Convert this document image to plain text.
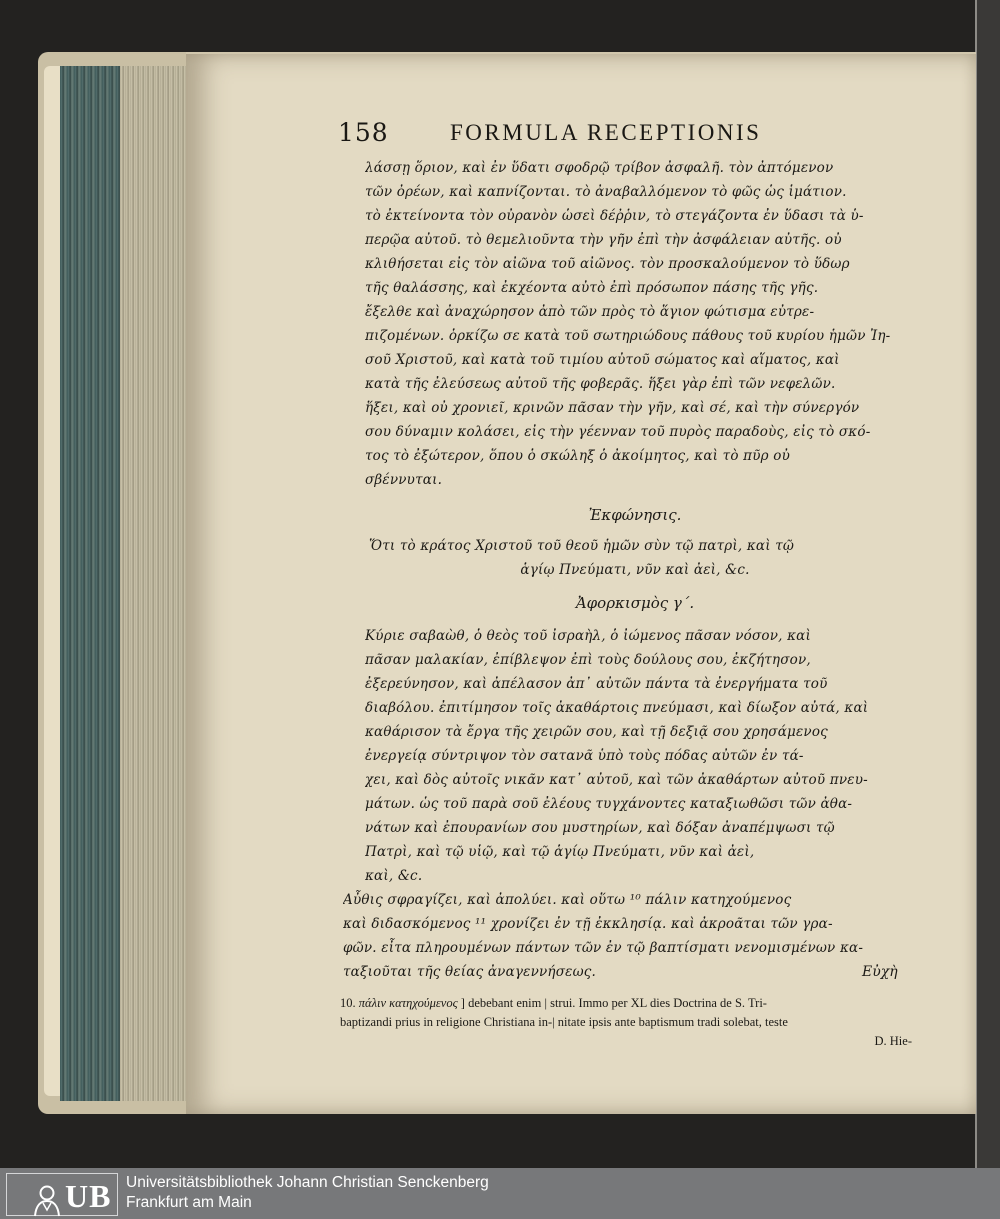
158	FORMULA RECEPTIONIS
λάσσῃ ὅριον, καὶ ἐν ὕδατι σφοδρῷ τρίβον ἀσφαλῆ. τὸν ἀπτόμενον
τῶν ὀρέων, καὶ καπνίζονται. τὸ ἀναβαλλόμενον τὸ φῶς ὡς ἱμάτιον.
τὸ ἐκτείνοντα τὸν οὐρανὸν ὡσεὶ δέῤῥιν, τὸ στεγάζοντα ἐν ὕδασι τὰ ὑ-
περῷα αὐτοῦ. τὸ θεμελιοῦντα τὴν γῆν ἐπὶ τὴν ἀσφάλειαν αὐτῆς. οὐ
κλιθήσεται εἰς τὸν αἰῶνα τοῦ αἰῶνος. τὸν προσκαλούμενον τὸ ὕδωρ
τῆς θαλάσσης, καὶ ἐκχέοντα αὐτὸ ἐπὶ πρόσωπον πάσης τῆς γῆς.
ἔξελθε καὶ ἀναχώρησον ἀπὸ τῶν πρὸς τὸ ἅγιον φώτισμα εὐτρε-
πιζομένων. ὁρκίζω σε κατὰ τοῦ σωτηριώδους πάθους τοῦ κυρίου ἡμῶν Ἰη-
σοῦ Χριστοῦ, καὶ κατὰ τοῦ τιμίου αὐτοῦ σώματος καὶ αἵματος, καὶ
κατὰ τῆς ἐλεύσεως αὐτοῦ τῆς φοβερᾶς. ἥξει γὰρ ἐπὶ τῶν νεφελῶν.
ἥξει, καὶ οὐ χρονιεῖ, κρινῶν πᾶσαν τὴν γῆν, καὶ σέ, καὶ τὴν σύνεργόν
σου δύναμιν κολάσει, εἰς τὴν γέενναν τοῦ πυρὸς παραδοὺς, εἰς τὸ σκό-
τος τὸ ἐξώτερον, ὅπου ὁ σκώληξ ὁ ἀκοίμητος, καὶ τὸ πῦρ οὐ
σβέννυται.
Ἐκφώνησις.
Ὅτι τὸ κράτος Χριστοῦ τοῦ θεοῦ ἡμῶν σὺν τῷ πατρὶ, καὶ τῷ
ἁγίῳ Πνεύματι, νῦν καὶ ἀεὶ, &c.
Ἀφορκισμὸς γ΄.
Κύριε σαβαὼθ, ὁ θεὸς τοῦ ἰσραὴλ, ὁ ἰώμενος πᾶσαν νόσον, καὶ
πᾶσαν μαλακίαν, ἐπίβλεψον ἐπὶ τοὺς δούλους σου, ἐκζήτησον,
ἐξερεύνησον, καὶ ἀπέλασον ἀπ᾽ αὐτῶν πάντα τὰ ἐνεργήματα τοῦ
διαβόλου. ἐπιτίμησον τοῖς ἀκαθάρτοις πνεύμασι, καὶ δίωξον αὐτά, καὶ
καθάρισον τὰ ἔργα τῆς χειρῶν σου, καὶ τῇ δεξιᾷ σου χρησάμενος
ἐνεργείᾳ σύντριψον τὸν σατανᾶ ὑπὸ τοὺς πόδας αὐτῶν ἐν τά-
χει, καὶ δὸς αὐτοῖς νικᾶν κατ᾽ αὐτοῦ, καὶ τῶν ἀκαθάρτων αὐτοῦ πνευ-
μάτων. ὡς τοῦ παρὰ σοῦ ἐλέους τυγχάνοντες καταξιωθῶσι τῶν ἀθα-
νάτων καὶ ἐπουρανίων σου μυστηρίων, καὶ δόξαν ἀναπέμψωσι τῷ
Πατρὶ, καὶ τῷ υἱῷ, καὶ τῷ ἁγίῳ Πνεύματι, νῦν καὶ ἀεὶ,
καὶ, &c.
Αὖθις σφραγίζει, καὶ ἀπολύει. καὶ οὕτω ¹⁰ πάλιν κατηχούμενος
καὶ διδασκόμενος ¹¹ χρονίζει ἐν τῇ ἐκκλησίᾳ. καὶ ἀκροᾶται τῶν γρα-
φῶν. εἶτα πληρουμένων πάντων τῶν ἐν τῷ βαπτίσματι νενομισμένων κα-
ταξιοῦται τῆς θείας ἀναγεννήσεως.	Εὐχὴ
10. πάλιν κατηχούμενος ] debebant enim | strui. Immo per XL dies Doctrina de S. Tri-
baptizandi prius in religione Christiana in-| nitate ipsis ante baptismum tradi solebat, teste
D. Hie-
UB Universitätsbibliothek Johann Christian Senckenberg
Frankfurt am Main
